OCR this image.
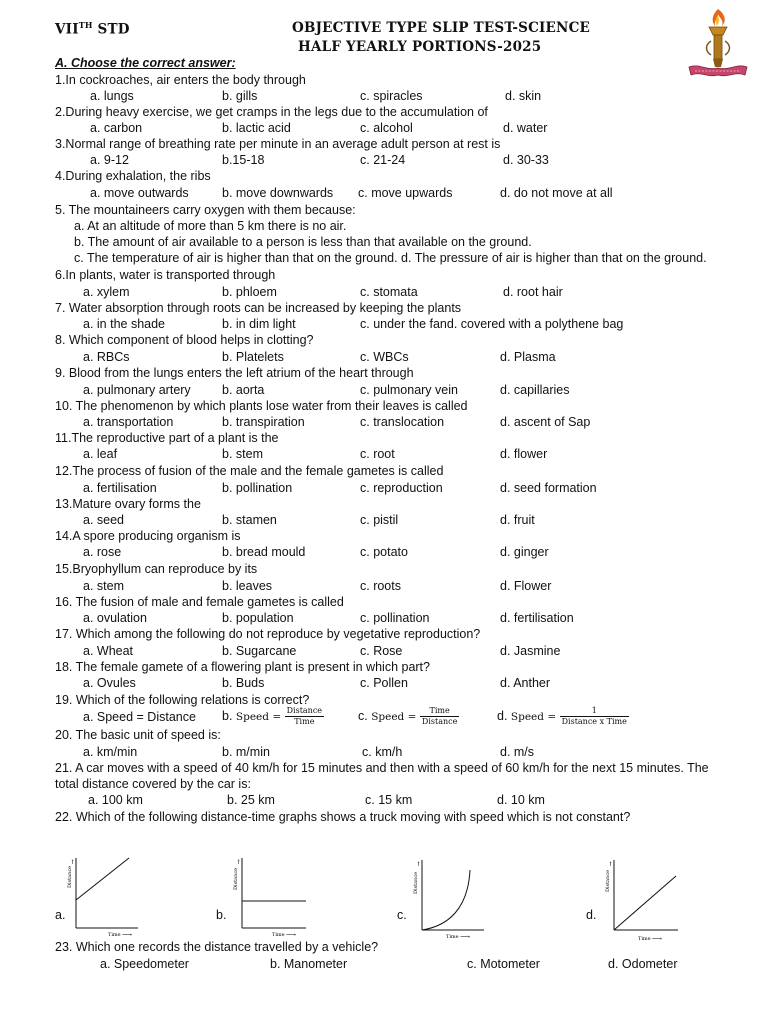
VIITH STD	OBJECTIVE TYPE SLIP TEST-SCIENCE
HALF YEARLY PORTIONS-2025
A. Choose the correct answer:
1.In cockroaches, air enters the body through
a. lungs	b. gills	c. spiracles	d. skin
2.During heavy exercise, we get cramps in the legs due to the accumulation of
a. carbon	b. lactic acid	c. alcohol	d. water
3.Normal range of breathing rate per minute in an average adult person at rest is
a. 9-12	b.15-18	c. 21-24	d. 30-33
4.During exhalation, the ribs
a. move outwards	b. move downwards c. move upwards	d. do not move at all
5. The mountaineers carry oxygen with them because:
a. At an altitude of more than 5 km there is no air.
b. The amount of air available to a person is less than that available on the ground.
c. The temperature of air is higher than that on the ground. d. The pressure of air is higher than that on the ground.
6.In plants, water is transported through
a. xylem	b. phloem	c. stomata	d. root hair
7. Water absorption through roots can be increased by keeping the plants
a. in the shade	b. in dim light	c. under the fand. covered with a polythene bag
8. Which component of blood helps in clotting?
a. RBCs	b. Platelets	c. WBCs	d. Plasma
9. Blood from the lungs enters the left atrium of the heart through
a. pulmonary artery	b. aorta	c. pulmonary vein	d. capillaries
10. The phenomenon by which plants lose water from their leaves is called
a. transportation	b. transpiration	c. translocation	d. ascent of Sap
11.The reproductive part of a plant is the
a. leaf	b. stem	c. root	d. flower
12.The process of fusion of the male and the female gametes is called
a. fertilisation	b. pollination	c. reproduction	d. seed formation
13.Mature ovary forms the
a. seed	b. stamen	c. pistil	d. fruit
14.A spore producing organism is
a. rose	b. bread mould	c. potato	d. ginger
15.Bryophyllum can reproduce by its
a. stem	b. leaves	c. roots	d. Flower
16. The fusion of male and female gametes is called
a. ovulation	b. population	c. pollination	d. fertilisation
17. Which among the following do not reproduce by vegetative reproduction?
a. Wheat	b. Sugarcane	c. Rose	d. Jasmine
18. The female gamete of a flowering plant is present in which part?
a. Ovules	b. Buds	c. Pollen	d. Anther
19. Which of the following relations is correct?
a. Speed = Distance b. Speed = $\frac{\text{Distance}}{\text{Time}}$	c. Speed = $\frac{\text{Time}}{\text{Distance}}$	d. Speed = $\frac{1}{\text{Distance x Time}}$
20. The basic unit of speed is:
a. km/min	b. m/min	c. km/h	d. m/s
21. A car moves with a speed of 40 km/h for 15 minutes and then with a speed of 60 km/h for the next 15 minutes. The
total distance covered by the car is:
a. 100 km	b. 25 km	c. 15 km	d. 10 km
22. Which of the following distance-time graphs shows a truck moving with speed which is not constant?
a.
Distance
↑
Time ⟶
b.
Distance
↑
Time ⟶
c.
Distance
↑
Time ⟶
d.
Distance
↑
Time ⟶
23. Which one records the distance travelled by a vehicle?
a. Speedometer	b. Manometer	c. Motometer	d. Odometer
